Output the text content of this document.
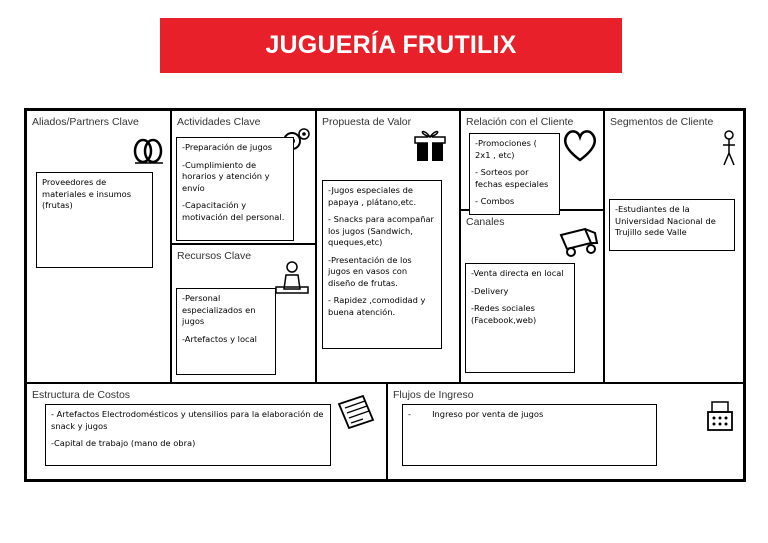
JUGUERÍA FRUTILIX
Aliados/Partners Clave

Proveedores de materiales e insumos (frutas)

Actividades Clave

-Preparación de jugos

-Cumplimiento de horarios y atención y envío

-Capacitación y motivación del personal.

Recursos Clave

-Personal especializados en jugos

-Artefactos y local

Propuesta de Valor

-Jugos especiales de papaya , plátano,etc.

- Snacks para acompañar los jugos (Sandwich, queques,etc)

-Presentación de los jugos en vasos con diseño de frutas.

- Rapidez ,comodidad y buena atención.

Relación con el Cliente

-Promociones ( 2x1 , etc)

- Sorteos por fechas especiales

- Combos

Canales

-Venta directa en local

-Delivery

-Redes sociales (Facebook,web)

Segmentos de Cliente

-Estudiantes de la Universidad Nacional de Trujillo sede Valle

Estructura de Costos

- Artefactos Electrodomésticos y utensilios para la elaboración de snack y jugos

-Capital de trabajo (mano de obra)

Flujos de Ingreso

-        Ingreso por venta de jugos
